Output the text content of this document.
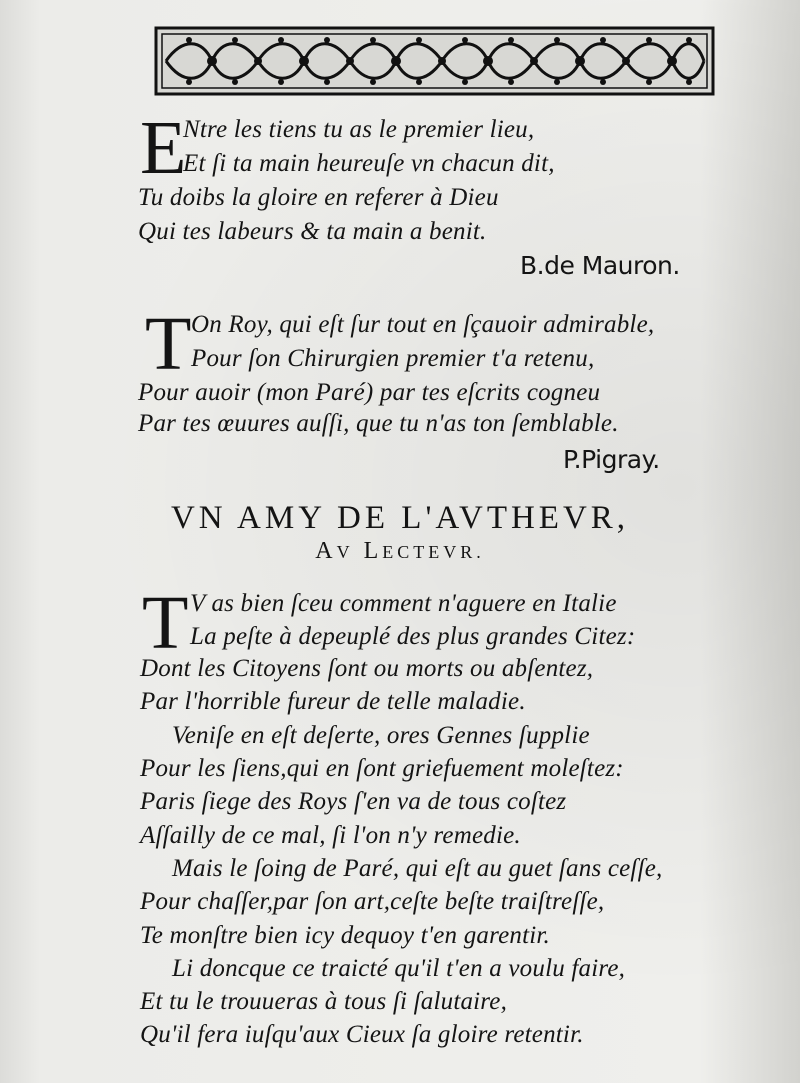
E
Ntre les tiens tu as le premier lieu,
Et ſi ta main heureuſe vn chacun dit,
Tu doibs la gloire en referer à Dieu
Qui tes labeurs & ta main a benit.
B.de Mauron.
T On Roy, qui eſt ſur tout en ſçauoir admirable,
Pour ſon Chirurgien premier t'a retenu,
Pour auoir (mon Paré) par tes eſcrits cogneu
Par tes œuures auſſi, que tu n'as ton ſemblable.
P.Pigray.
VN AMY DE L'AVTHEVR,
AV LECTEVR.
T V as bien ſceu comment n'aguere en Italie
La peſte à depeuplé des plus grandes Citez:
Dont les Citoyens ſont ou morts ou abſentez,
Par l'horrible fureur de telle maladie.
Veniſe en eſt deſerte, ores Gennes ſupplie
Pour les ſiens,qui en ſont griefuement moleſtez:
Paris ſiege des Roys ſ'en va de tous coſtez
Aſſailly de ce mal, ſi l'on n'y remedie.
Mais le ſoing de Paré, qui eſt au guet ſans ceſſe,
Pour chaſſer,par ſon art,ceſte beſte traiſtreſſe,
Te monſtre bien icy dequoy t'en garentir.
Li doncque ce traicté qu'il t'en a voulu faire,
Et tu le trouueras à tous ſi ſalutaire,
Qu'il fera iuſqu'aux Cieux ſa gloire retentir.
